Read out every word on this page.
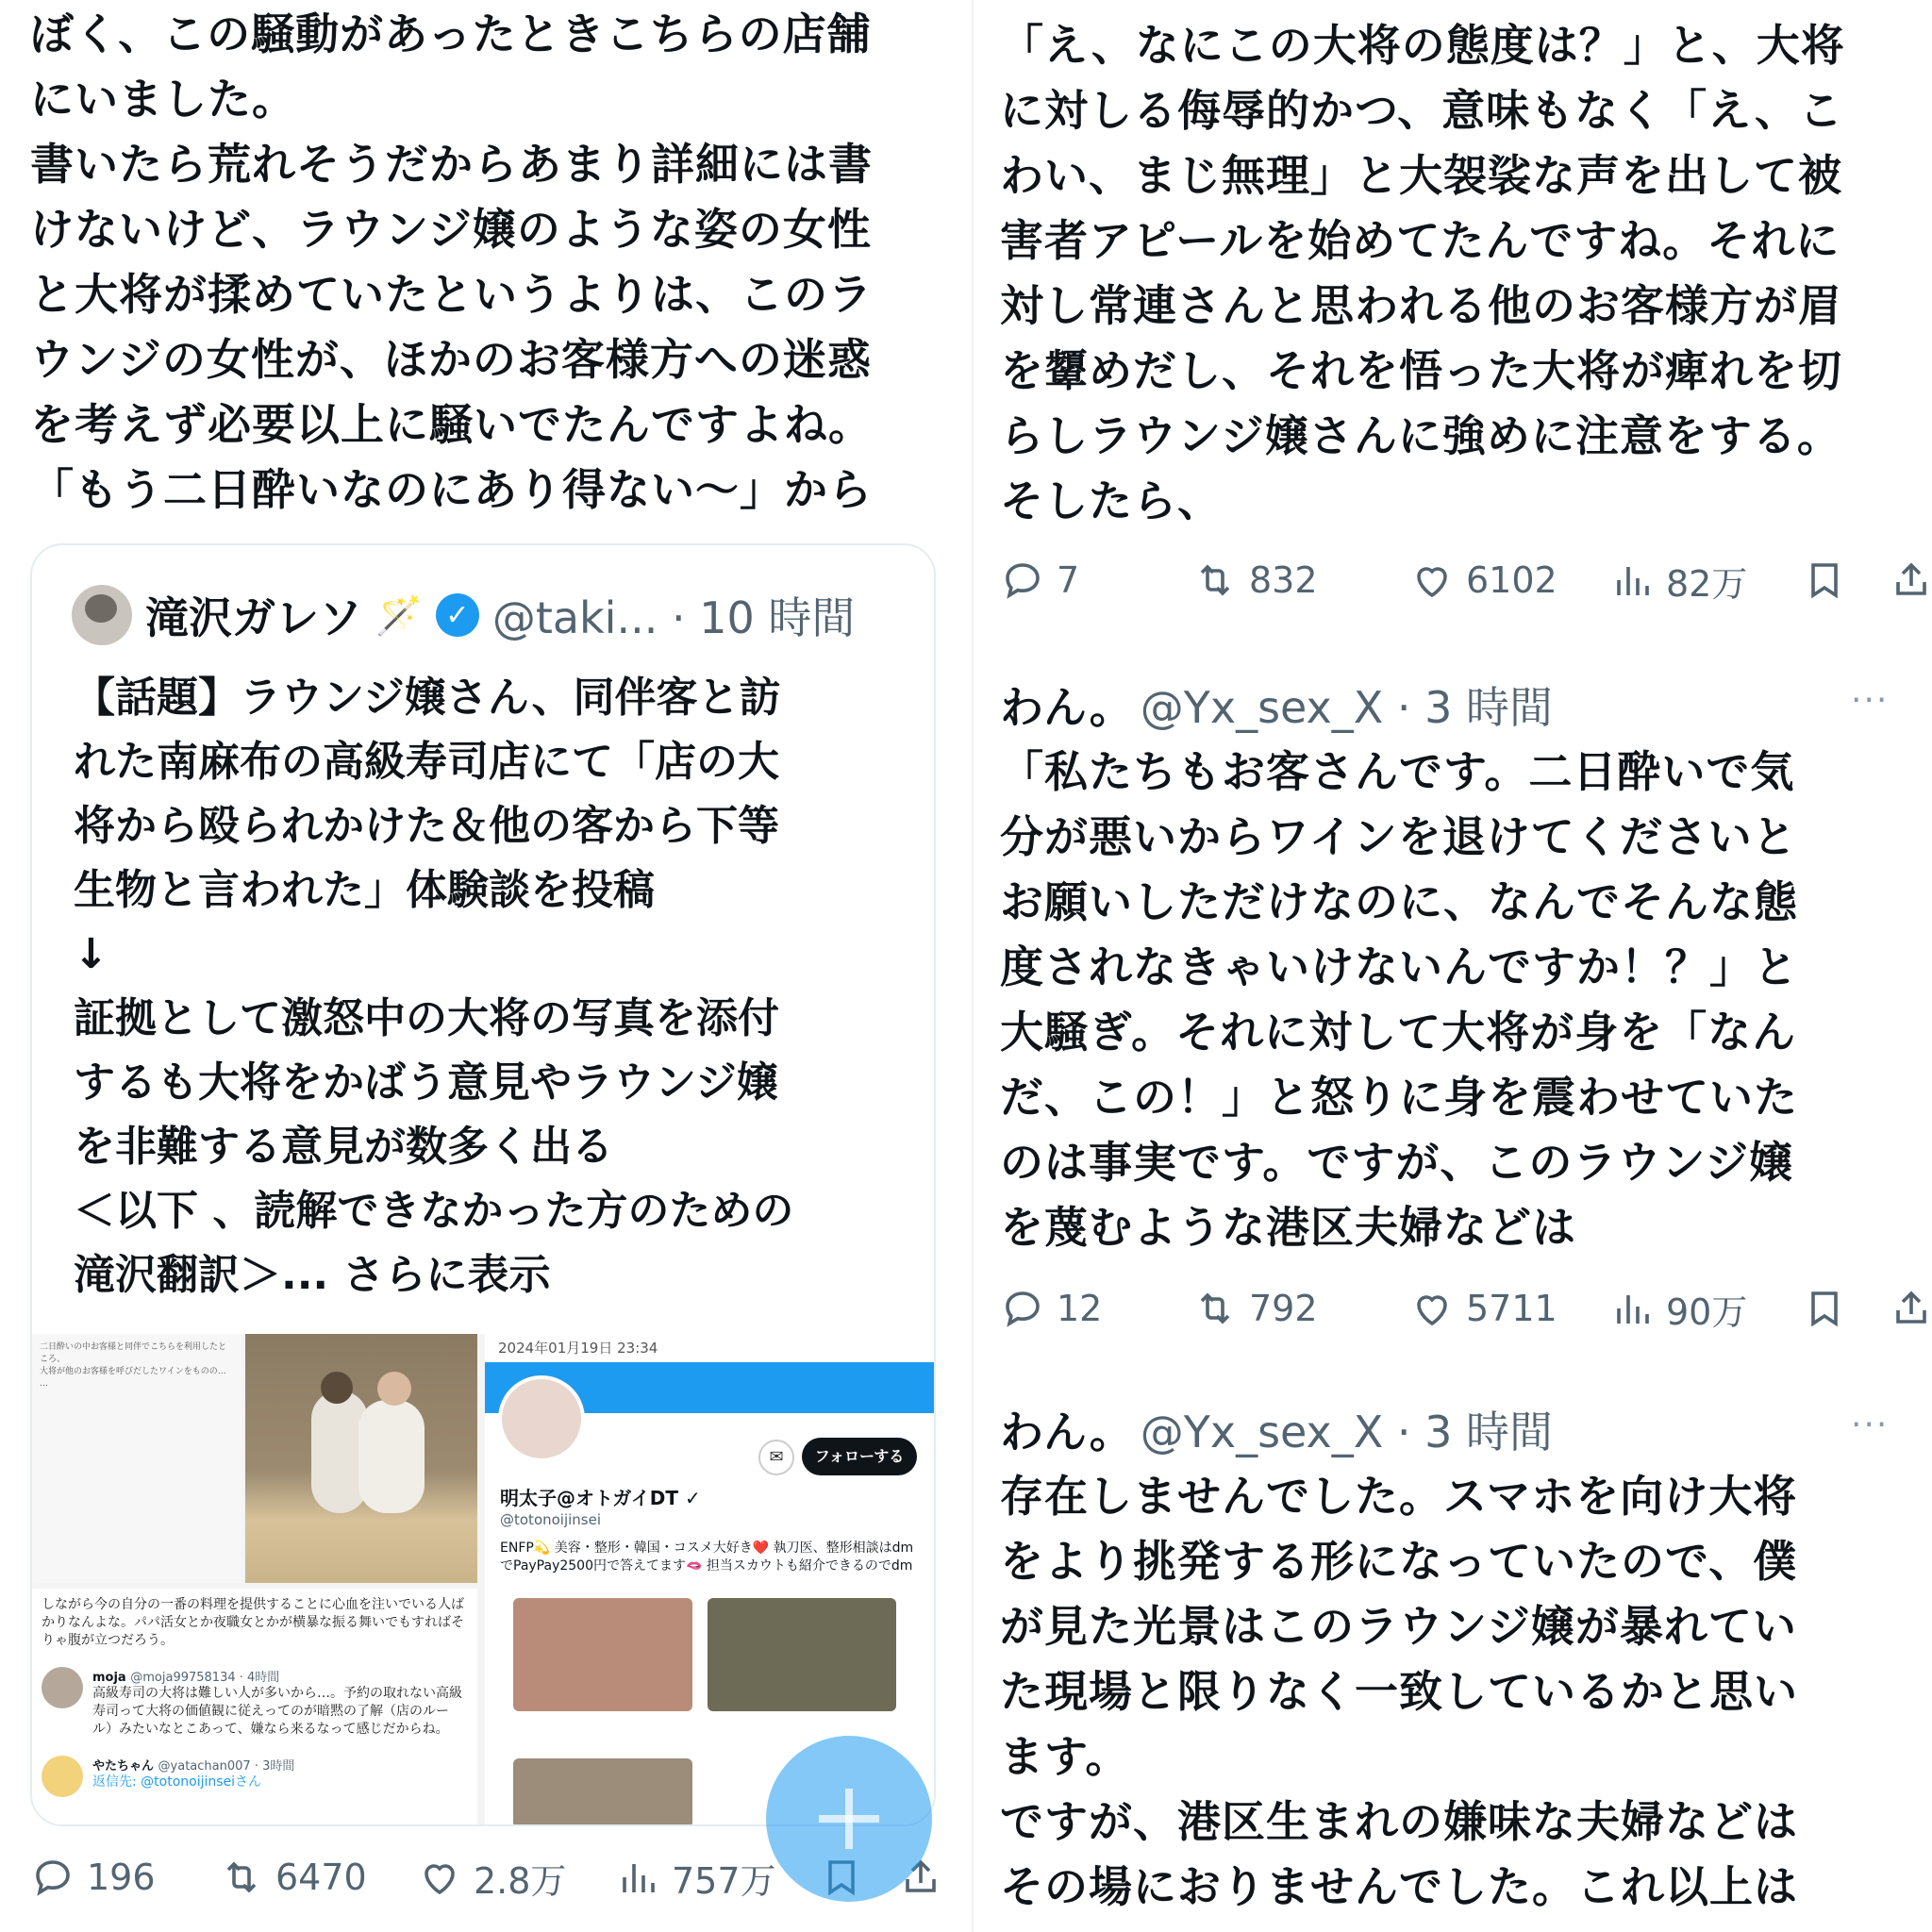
ぼく、この騒動があったときこちらの店舗
にいました。
書いたら荒れそうだからあまり詳細には書
けないけど、ラウンジ嬢のような姿の女性
と大将が揉めていたというよりは、このラ
ウンジの女性が、ほかのお客様方への迷惑
を考えず必要以上に騒いでたんですよね。
「もう二日酔いなのにあり得ない〜」から
滝沢ガレソ 🪄 ✓ @taki... · 10 時間
【話題】ラウンジ嬢さん、同伴客と訪
れた南麻布の高級寿司店にて「店の大
将から殴られかけた＆他の客から下等
生物と言われた」体験談を投稿
↓
証拠として激怒中の大将の写真を添付
するも大将をかばう意見やラウンジ嬢
を非難する意見が数多く出る
＜以下 、読解できなかった方のための
滝沢翻訳＞... さらに表示
二日酔いの中お客様と同伴でこちらを利用したところ、
大将が他のお客様を呼びだしたワインをものの…
…
2024年01月19日 23:34
✉	フォローする
明太子@オトガイDT ✓
@totonoijinsei
ENFP💫 美容・整形・韓国・コスメ大好き❤️ 執刀医、整形相談はdmでPayPay2500円で答えてます🫦 担当スカウトも紹介できるのでdm
しながら今の自分の一番の料理を提供することに心血を注いでいる人ばかりなんよな。パパ活女とか夜職女とかが横暴な振る舞いでもすればそりゃ腹が立つだろう。
moja @moja99758134 · 4時間
高級寿司の大将は難しい人が多いから…。予約の取れない高級寿司って大将の価値観に従えってのが暗黙の了解（店のルール）みたいなとこあって、嫌なら来るなって感じだからね。
やたちゃん @yatachan007 · 3時間
返信先: @totonoijinseiさん
196	6470	2.8万	757万
「え、なにこの大将の態度は？」と、大将
に対しる侮辱的かつ、意味もなく「え、こ
わい、まじ無理」と大袈裟な声を出して被
害者アピールを始めてたんですね。それに
対し常連さんと思われる他のお客様方が眉
を顰めだし、それを悟った大将が痺れを切
らしラウンジ嬢さんに強めに注意をする。
そしたら、
7	832	6102	82万
わん。 @Yx_sex_X · 3 時間	···
「私たちもお客さんです。二日酔いで気
分が悪いからワインを退けてくださいと
お願いしただけなのに、なんでそんな態
度されなきゃいけないんですか！？」と
大騒ぎ。それに対して大将が身を「なん
だ、この！」と怒りに身を震わせていた
のは事実です。ですが、このラウンジ嬢
を蔑むような港区夫婦などは
12	792	5711	90万
わん。 @Yx_sex_X · 3 時間	···
存在しませんでした。スマホを向け大将
をより挑発する形になっていたので、僕
が見た光景はこのラウンジ嬢が暴れてい
た現場と限りなく一致しているかと思い
ます。
ですが、港区生まれの嫌味な夫婦などは
その場におりませんでした。これ以上は
